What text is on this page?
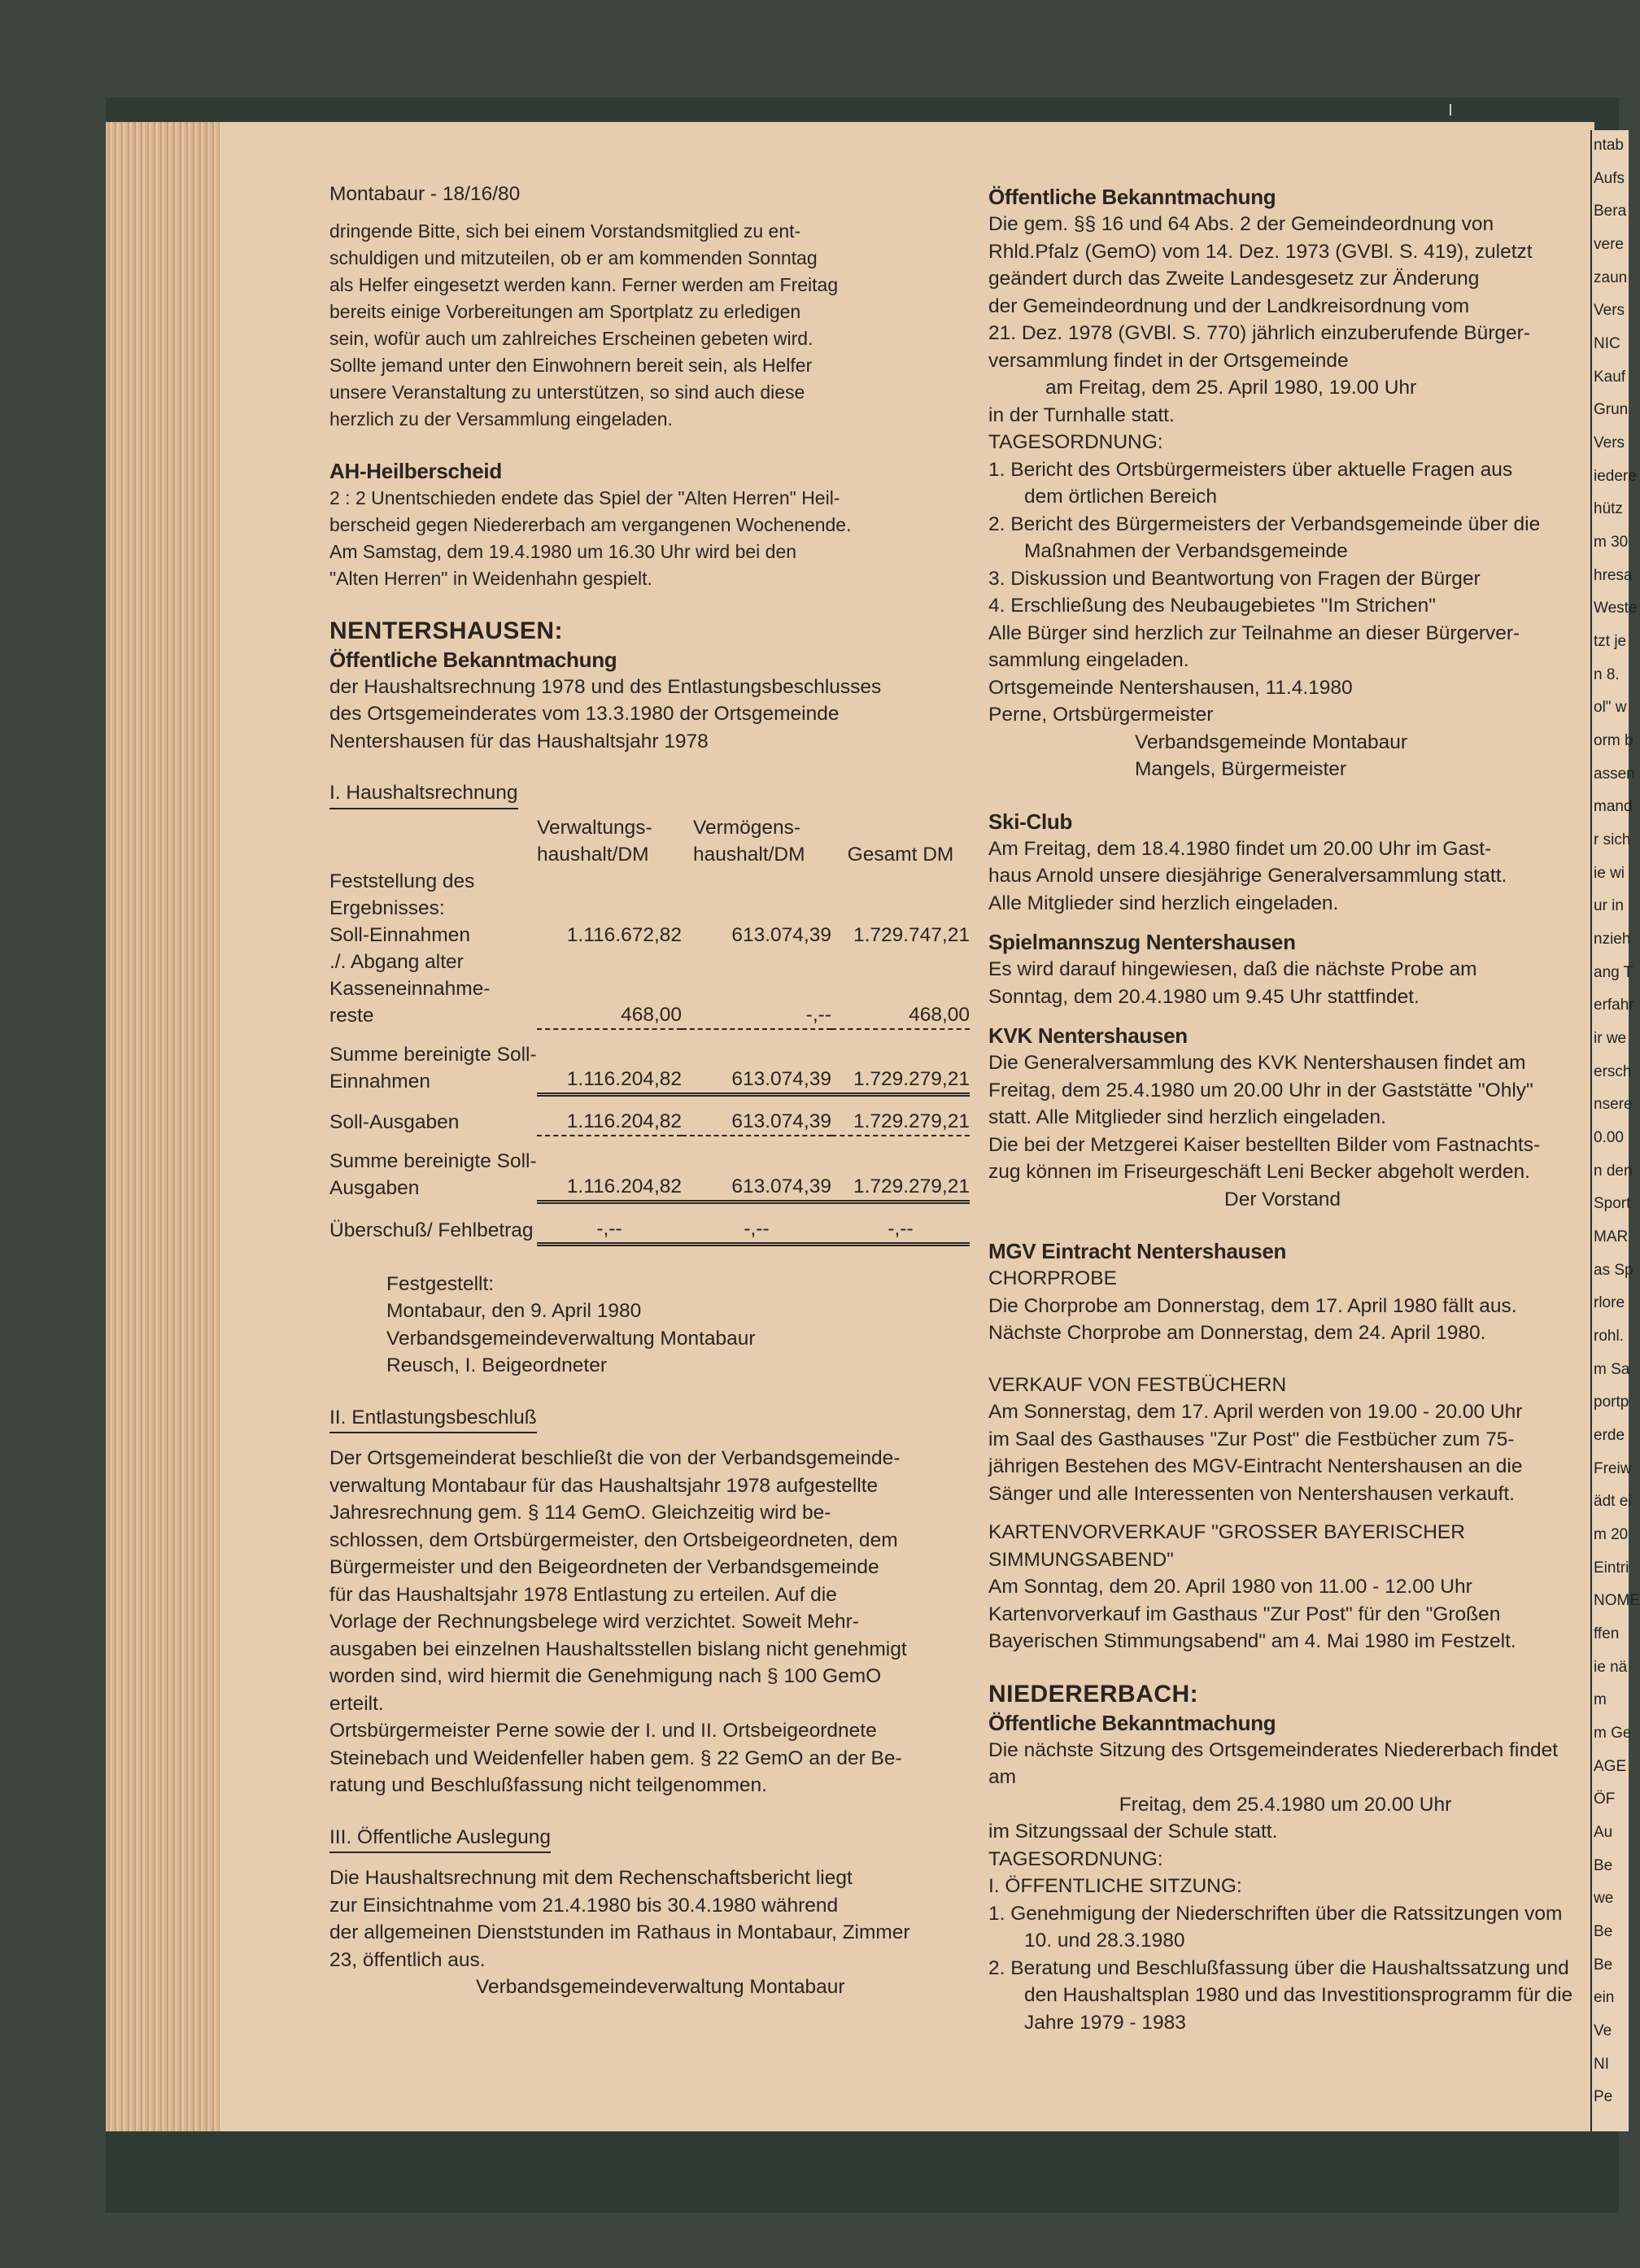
ntab
Aufs
Bera
vere
zaun
Vers
NIC
Kauf
Grun
Vers
iedere
hütz
m 30
hresa
Weste
tzt je
n 8.
ol" w
orm b
assen
mand
r sich
ie wi
ur in
nzieh
ang T
erfahr
ir we
ersch
nsere
0.00
n den
Sport
MAR
as Sp
rlore
rohl.
m Sa
portp
erde
Freiw
ädt ei
m 20
Eintri
NOME
ffen
ie nä
m
m Ge
AGE
ÖF
Au
Be
we
Be
Be
ein
Ve
NI
Pe

Montabaur - 18/16/80

dringende Bitte, sich bei einem Vorstandsmitglied zu ent-

schuldigen und mitzuteilen, ob er am kommenden Sonntag

als Helfer eingesetzt werden kann. Ferner werden am Freitag

bereits einige Vorbereitungen am Sportplatz zu erledigen

sein, wofür auch um zahlreiches Erscheinen gebeten wird.

Sollte jemand unter den Einwohnern bereit sein, als Helfer

unsere Veranstaltung zu unterstützen, so sind auch diese

herzlich zu der Versammlung eingeladen.

AH-Heilberscheid

2 : 2 Unentschieden endete das Spiel der "Alten Herren" Heil-

berscheid gegen Niedererbach am vergangenen Wochenende.

Am Samstag, dem 19.4.1980 um 16.30 Uhr wird bei den

"Alten Herren" in Weidenhahn gespielt.

NENTERSHAUSEN:

Öffentliche Bekanntmachung

der Haushaltsrechnung 1978 und des Entlastungsbeschlusses

des Ortsgemeinderates vom 13.3.1980 der Ortsgemeinde

Nentershausen für das Haushaltsjahr 1978

I. Haushaltsrechnung

	Verwaltungs- haushalt/DM	Vermögens- haushalt/DM	Gesamt DM
Feststellung des Ergebnisses:			
Soll-Einnahmen	1.116.672,82	613.074,39	1.729.747,21
./. Abgang alter Kasseneinnahme- reste	468,00	-,--	468,00

Summe bereinigte Soll-Einnahmen	1.116.204,82	613.074,39	1.729.279,21

Soll-Ausgaben	1.116.204,82	613.074,39	1.729.279,21

Summe bereinigte Soll-Ausgaben	1.116.204,82	613.074,39	1.729.279,21

Überschuß/ Fehlbetrag	-,--	-,--	-,--

Festgestellt:

Montabaur, den 9. April 1980

Verbandsgemeindeverwaltung Montabaur

Reusch, I. Beigeordneter

II. Entlastungsbeschluß

Der Ortsgemeinderat beschließt die von der Verbandsgemeinde-

verwaltung Montabaur für das Haushaltsjahr 1978 aufgestellte

Jahresrechnung gem. § 114 GemO. Gleichzeitig wird be-

schlossen, dem Ortsbürgermeister, den Ortsbeigeordneten, dem

Bürgermeister und den Beigeordneten der Verbandsgemeinde

für das Haushaltsjahr 1978 Entlastung zu erteilen. Auf die

Vorlage der Rechnungsbelege wird verzichtet. Soweit Mehr-

ausgaben bei einzelnen Haushaltsstellen bislang nicht genehmigt

worden sind, wird hiermit die Genehmigung nach § 100 GemO

erteilt.

Ortsbürgermeister Perne sowie der I. und II. Ortsbeigeordnete

Steinebach und Weidenfeller haben gem. § 22 GemO an der Be-

ratung und Beschlußfassung nicht teilgenommen.

III. Öffentliche Auslegung

Die Haushaltsrechnung mit dem Rechenschaftsbericht liegt

zur Einsichtnahme vom 21.4.1980 bis 30.4.1980 während

der allgemeinen Dienststunden im Rathaus in Montabaur, Zimmer

23, öffentlich aus.

Verbandsgemeindeverwaltung Montabaur

Öffentliche Bekanntmachung

Die gem. §§ 16 und 64 Abs. 2 der Gemeindeordnung von

Rhld.Pfalz (GemO) vom 14. Dez. 1973 (GVBl. S. 419), zuletzt

geändert durch das Zweite Landesgesetz zur Änderung

der Gemeindeordnung und der Landkreisordnung vom

21. Dez. 1978 (GVBl. S. 770) jährlich einzuberufende Bürger-

versammlung findet in der Ortsgemeinde

am Freitag, dem 25. April 1980, 19.00 Uhr

in der Turnhalle statt.

TAGESORDNUNG:

1. Bericht des Ortsbürgermeisters über aktuelle Fragen aus

dem örtlichen Bereich

2. Bericht des Bürgermeisters der Verbandsgemeinde über die

Maßnahmen der Verbandsgemeinde

3. Diskussion und Beantwortung von Fragen der Bürger

4. Erschließung des Neubaugebietes "Im Strichen"

Alle Bürger sind herzlich zur Teilnahme an dieser Bürgerver-

sammlung eingeladen.

Ortsgemeinde Nentershausen, 11.4.1980

Perne, Ortsbürgermeister

Verbandsgemeinde Montabaur

Mangels, Bürgermeister

Ski-Club

Am Freitag, dem 18.4.1980 findet um 20.00 Uhr im Gast-

haus Arnold unsere diesjährige Generalversammlung statt.

Alle Mitglieder sind herzlich eingeladen.

Spielmannszug Nentershausen

Es wird darauf hingewiesen, daß die nächste Probe am

Sonntag, dem 20.4.1980 um 9.45 Uhr stattfindet.

KVK Nentershausen

Die Generalversammlung des KVK Nentershausen findet am

Freitag, dem 25.4.1980 um 20.00 Uhr in der Gaststätte "Ohly"

statt. Alle Mitglieder sind herzlich eingeladen.

Die bei der Metzgerei Kaiser bestellten Bilder vom Fastnachts-

zug können im Friseurgeschäft Leni Becker abgeholt werden.

Der Vorstand

MGV Eintracht Nentershausen

CHORPROBE

Die Chorprobe am Donnerstag, dem 17. April 1980 fällt aus.

Nächste Chorprobe am Donnerstag, dem 24. April 1980.

VERKAUF VON FESTBÜCHERN

Am Sonnerstag, dem 17. April werden von 19.00 - 20.00 Uhr

im Saal des Gasthauses "Zur Post" die Festbücher zum 75-

jährigen Bestehen des MGV-Eintracht Nentershausen an die

Sänger und alle Interessenten von Nentershausen verkauft.

KARTENVORVERKAUF "GROSSER BAYERISCHER

SIMMUNGSABEND"

Am Sonntag, dem 20. April 1980 von 11.00 - 12.00 Uhr

Kartenvorverkauf im Gasthaus "Zur Post" für den "Großen

Bayerischen Stimmungsabend" am 4. Mai 1980 im Festzelt.

NIEDERERBACH:

Öffentliche Bekanntmachung

Die nächste Sitzung des Ortsgemeinderates Niedererbach findet

am

Freitag, dem 25.4.1980 um 20.00 Uhr

im Sitzungssaal der Schule statt.

TAGESORDNUNG:

I. ÖFFENTLICHE SITZUNG:

1. Genehmigung der Niederschriften über die Ratssitzungen vom

10. und 28.3.1980

2. Beratung und Beschlußfassung über die Haushaltssatzung und

den Haushaltsplan 1980 und das Investitionsprogramm für die

Jahre 1979 - 1983
